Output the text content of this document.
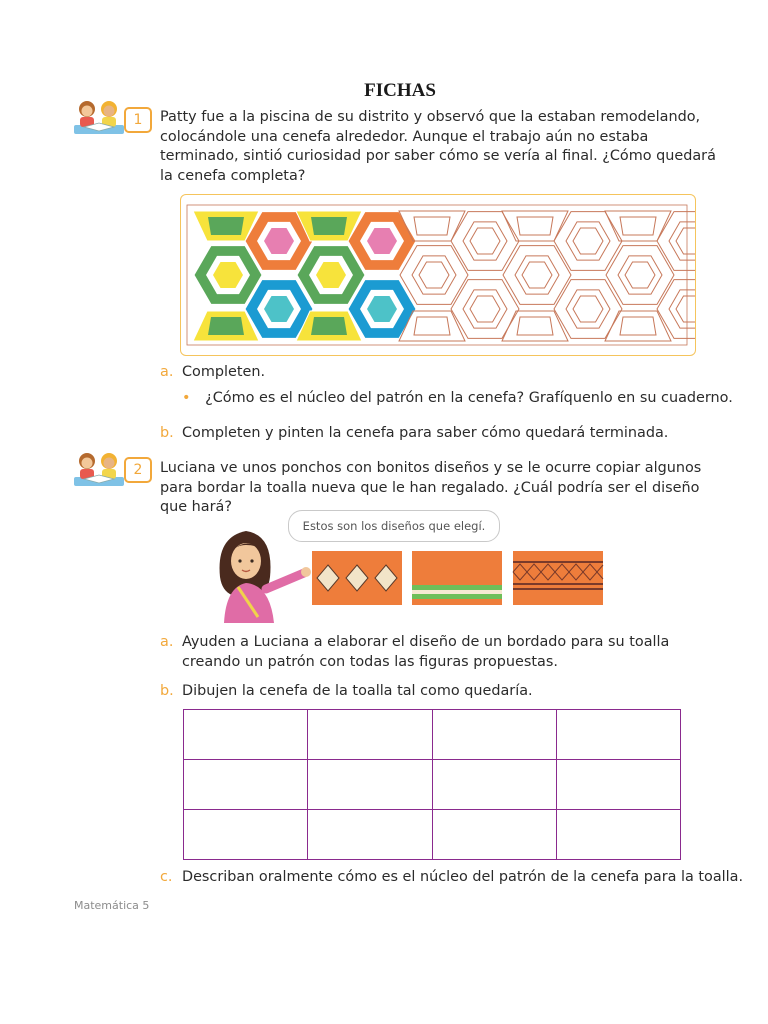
FICHAS
1	Patty fue a la piscina de su distrito y observó que la estaban remodelando, colocándole una cenefa alrededor. Aunque el trabajo aún no estaba terminado, sintió curiosidad por saber cómo se vería al final. ¿Cómo quedará la cenefa completa?
a. Completen.
• ¿Cómo es el núcleo del patrón en la cenefa? Grafíquenlo en su cuaderno.
b. Completen y pinten la cenefa para saber cómo quedará terminada.
2	Luciana ve unos ponchos con bonitos diseños y se le ocurre copiar algunos para bordar la toalla nueva que le han regalado. ¿Cuál podría ser el diseño que hará?
Estos son los diseños que elegí.
a. Ayuden a Luciana a elaborar el diseño de un bordado para su toalla creando un patrón con todas las figuras propuestas.
b. Dibujen la cenefa de la toalla tal como quedaría.

c. Describan oralmente cómo es el núcleo del patrón de la cenefa para la toalla.
Matemática 5
